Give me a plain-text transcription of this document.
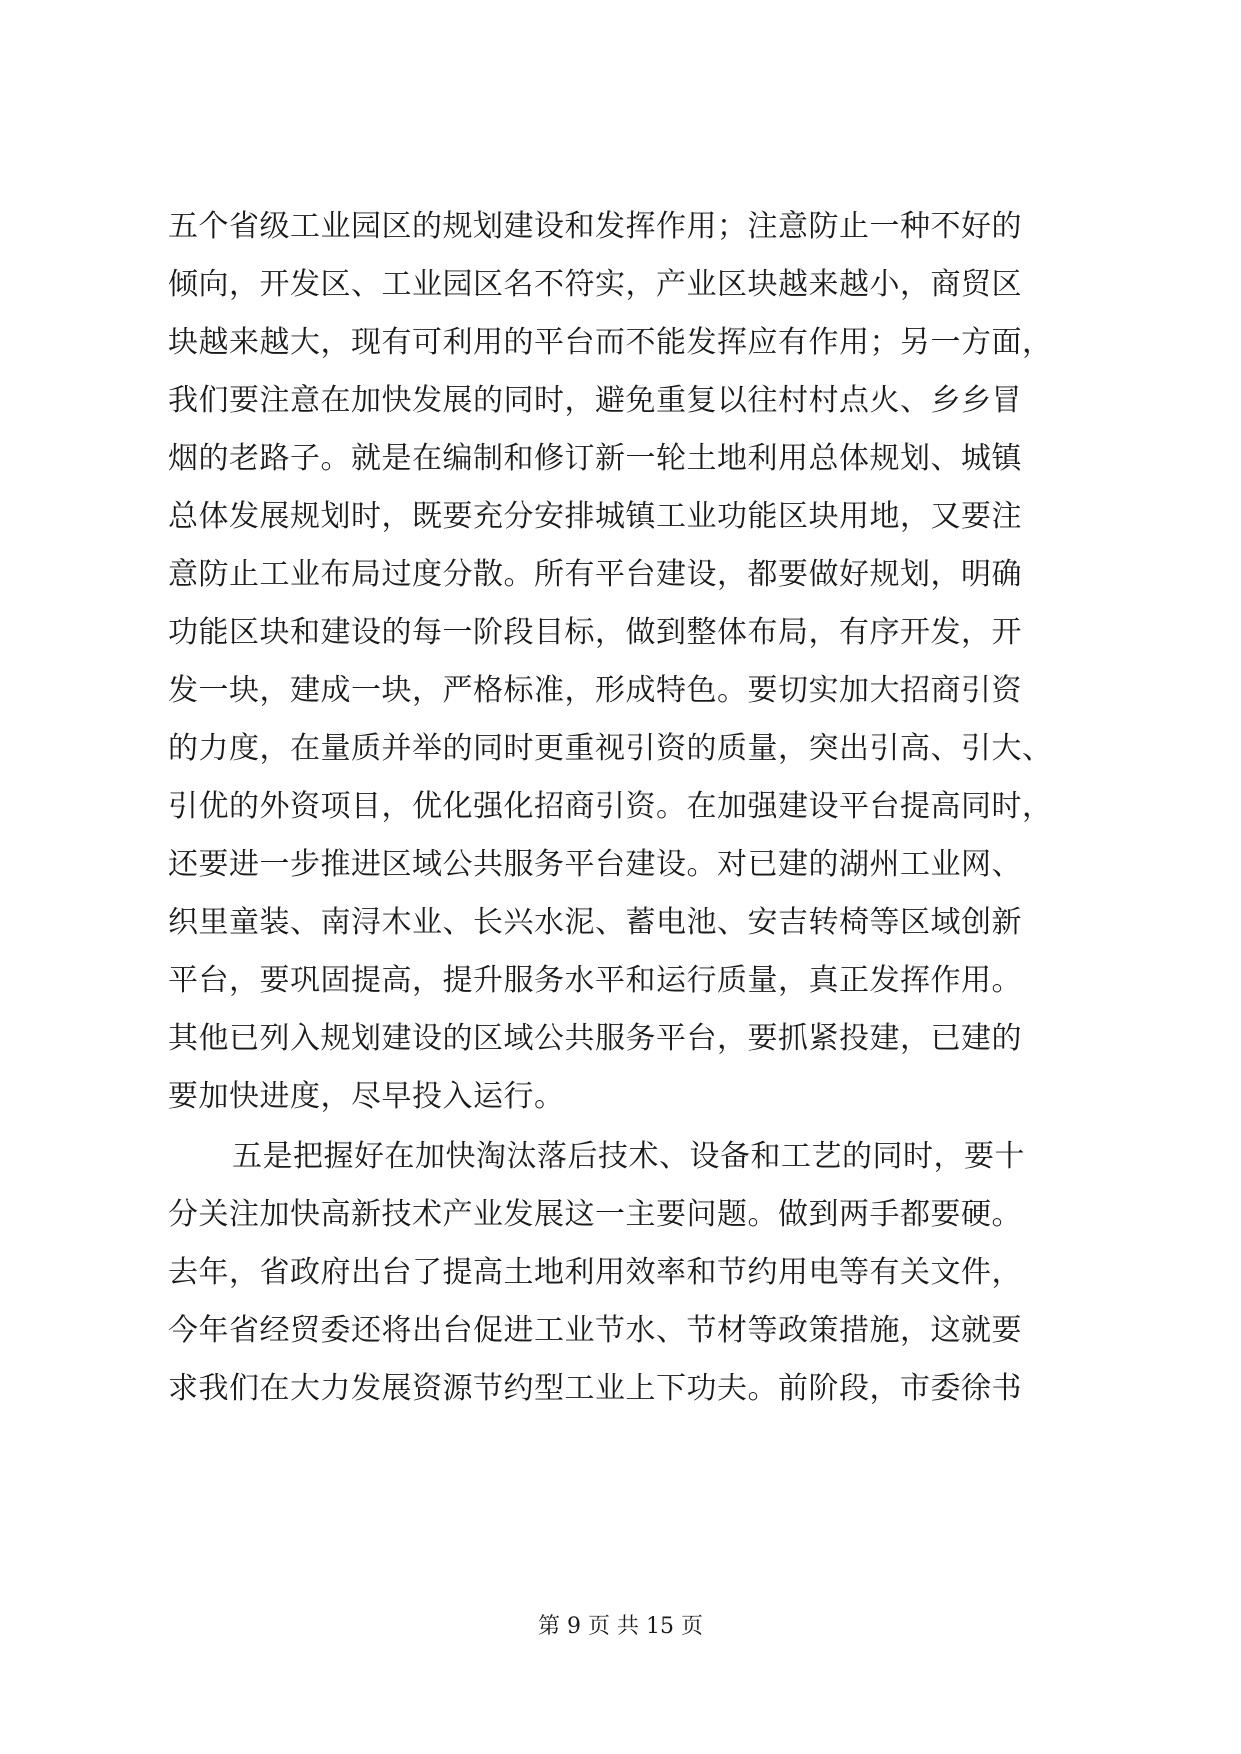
五个省级工业园区的规划建设和发挥作用；注意防止一种不好的
倾向，开发区、工业园区名不符实，产业区块越来越小，商贸区
块越来越大，现有可利用的平台而不能发挥应有作用；另一方面，
我们要注意在加快发展的同时，避免重复以往村村点火、乡乡冒
烟的老路子。就是在编制和修订新一轮土地利用总体规划、城镇
总体发展规划时，既要充分安排城镇工业功能区块用地，又要注
意防止工业布局过度分散。所有平台建设，都要做好规划，明确
功能区块和建设的每一阶段目标，做到整体布局，有序开发，开
发一块，建成一块，严格标准，形成特色。要切实加大招商引资
的力度，在量质并举的同时更重视引资的质量，突出引高、引大、
引优的外资项目，优化强化招商引资。在加强建设平台提高同时，
还要进一步推进区域公共服务平台建设。对已建的湖州工业网、
织里童装、南浔木业、长兴水泥、蓄电池、安吉转椅等区域创新
平台，要巩固提高，提升服务水平和运行质量，真正发挥作用。
其他已列入规划建设的区域公共服务平台，要抓紧投建，已建的
要加快进度，尽早投入运行。
五是把握好在加快淘汰落后技术、设备和工艺的同时，要十
分关注加快高新技术产业发展这一主要问题。做到两手都要硬。
去年，省政府出台了提高土地利用效率和节约用电等有关文件，
今年省经贸委还将出台促进工业节水、节材等政策措施，这就要
求我们在大力发展资源节约型工业上下功夫。前阶段，市委徐书
第 9 页 共 15 页
